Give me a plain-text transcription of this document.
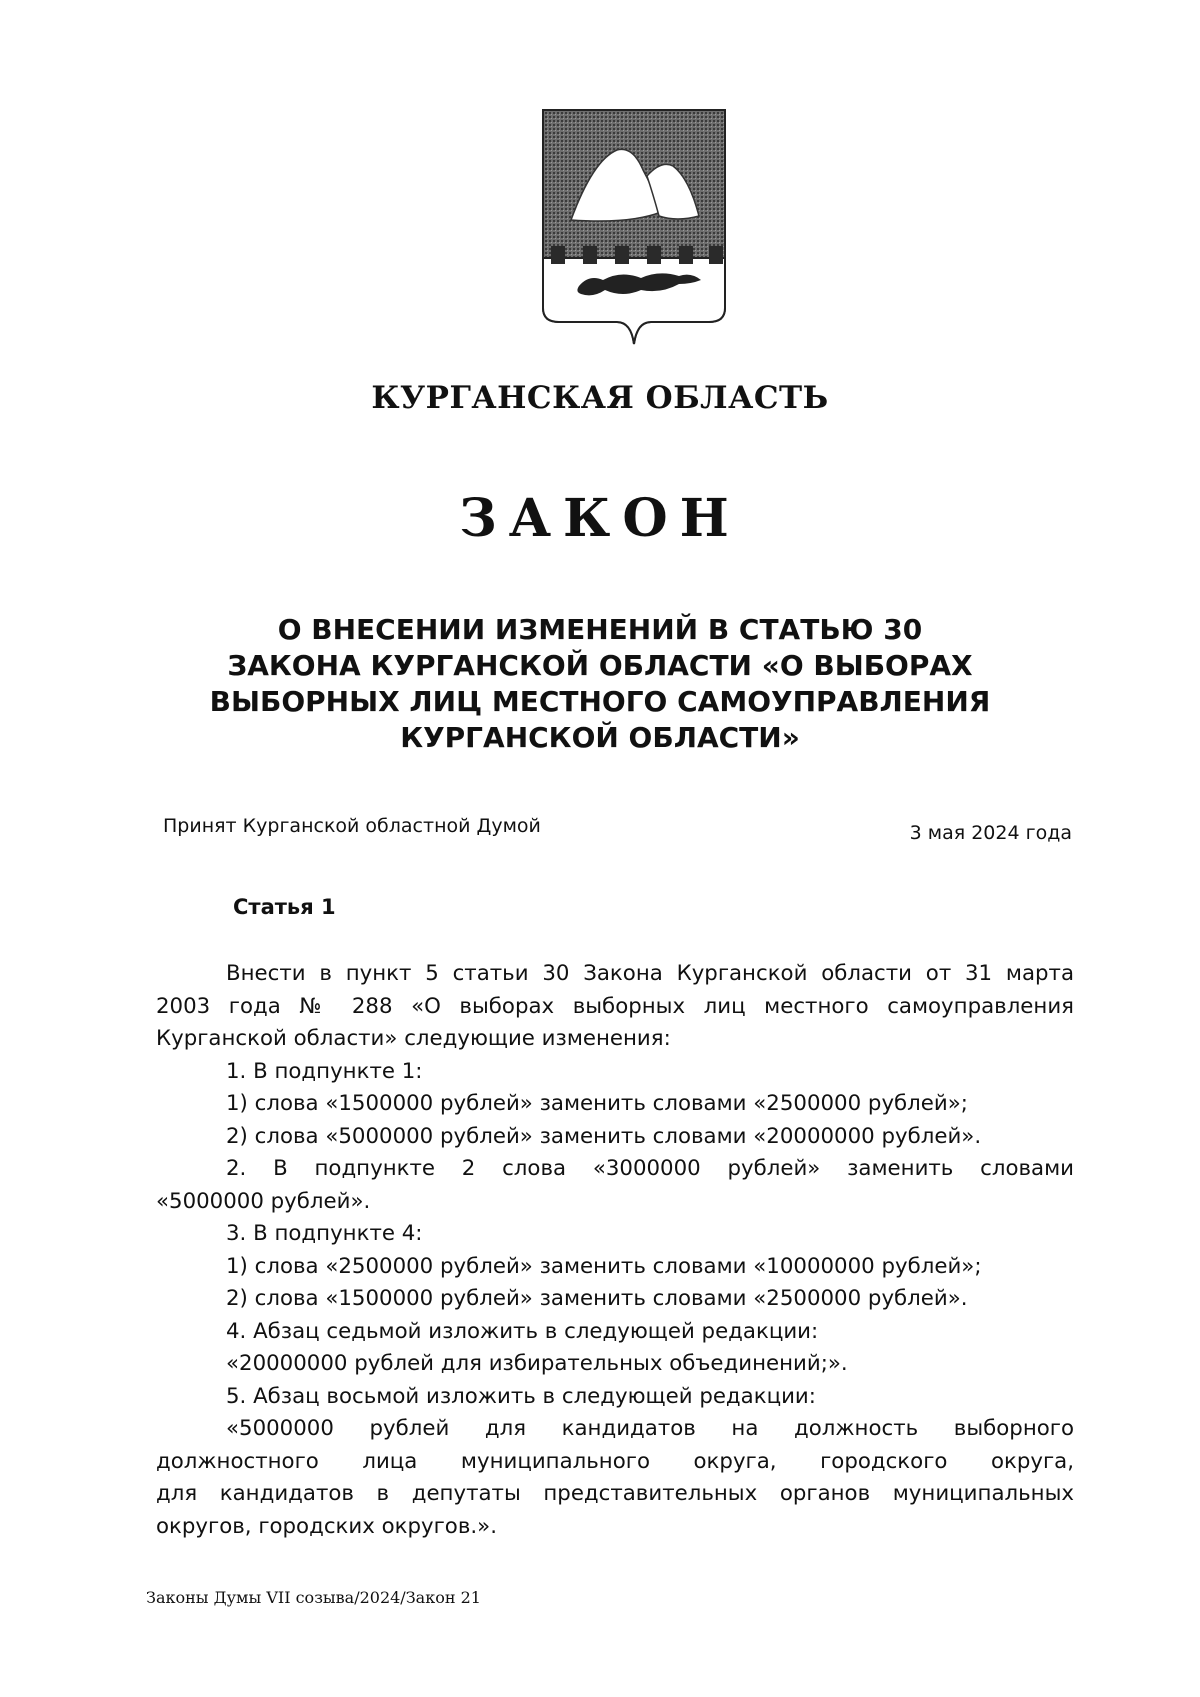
КУРГАНСКАЯ ОБЛАСТЬ
ЗАКОН
О ВНЕСЕНИИ ИЗМЕНЕНИЙ В СТАТЬЮ 30
ЗАКОНА КУРГАНСКОЙ ОБЛАСТИ «О ВЫБОРАХ
ВЫБОРНЫХ ЛИЦ МЕСТНОГО САМОУПРАВЛЕНИЯ
КУРГАНСКОЙ ОБЛАСТИ»
Принят Курганской областной Думой	3 мая 2024 года
Статья 1
Внести в пункт 5 статьи 30 Закона Курганской области от 31 марта
2003 года № 288 «О выборах выборных лиц местного самоуправления
Курганской области» следующие изменения:
1. В подпункте 1:
1) слова «1500000 рублей» заменить словами «2500000 рублей»;
2) слова «5000000 рублей» заменить словами «20000000 рублей».
2. В подпункте 2 слова «3000000 рублей» заменить словами
«5000000 рублей».
3. В подпункте 4:
1) слова «2500000 рублей» заменить словами «10000000 рублей»;
2) слова «1500000 рублей» заменить словами «2500000 рублей».
4. Абзац седьмой изложить в следующей редакции:
«20000000 рублей для избирательных объединений;».
5. Абзац восьмой изложить в следующей редакции:
«5000000 рублей для кандидатов на должность выборного
должностного лица муниципального округа, городского округа,
для кандидатов в депутаты представительных органов муниципальных
округов, городских округов.».
Законы Думы VII созыва/2024/Закон 21
